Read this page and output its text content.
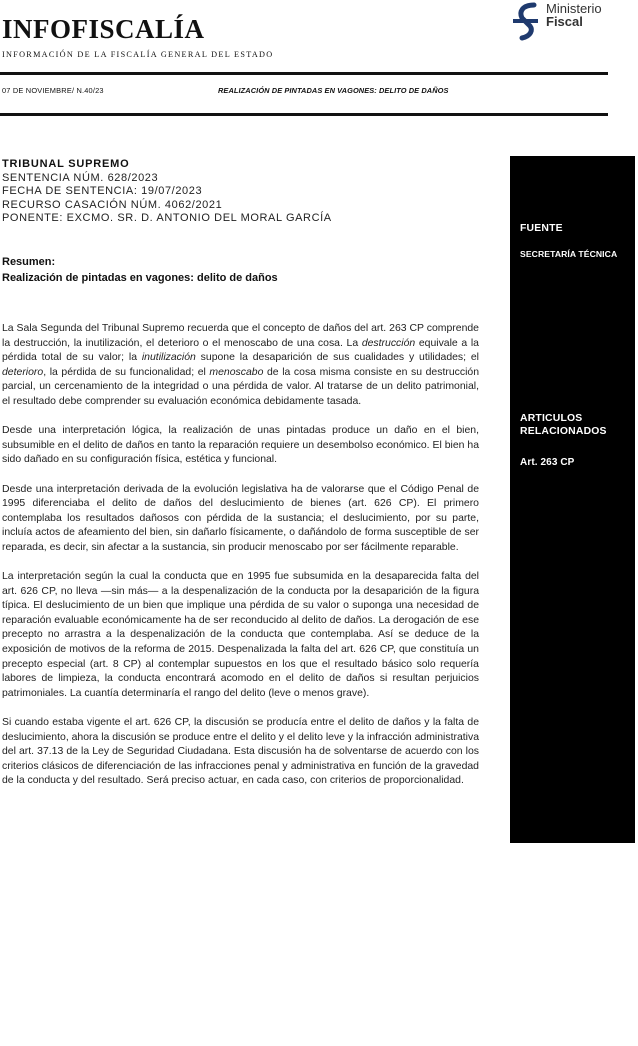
INFOFISCALÍA
INFORMACIÓN DE LA FISCALÍA GENERAL DEL ESTADO
Ministerio
Fiscal
07 DE NOVIEMBRE/ N.40/23	REALIZACIÓN DE PINTADAS EN VAGONES: DELITO DE DAÑOS
TRIBUNAL SUPREMO
SENTENCIA NÚM. 628/2023
FECHA DE SENTENCIA: 19/07/2023
RECURSO CASACIÓN NÚM. 4062/2021
PONENTE: EXCMO. SR. D. ANTONIO DEL MORAL GARCÍA
Resumen:
Realización de pintadas en vagones: delito de daños

La Sala Segunda del Tribunal Supremo recuerda que el concepto de daños del art. 263 CP comprende la destrucción, la inutilización, el deterioro o el menoscabo de una cosa. La destrucción equivale a la pérdida total de su valor; la inutilización supone la desaparición de sus cualidades y utilidades; el deterioro, la pérdida de su funcionalidad; el menoscabo de la cosa misma consiste en su destrucción parcial, un cercenamiento de la integridad o una pérdida de valor. Al tratarse de un delito patrimonial, el resultado debe comprender su evaluación económica debidamente tasada.

Desde una interpretación lógica, la realización de unas pintadas produce un daño en el bien, subsumible en el delito de daños en tanto la reparación requiere un desembolso económico. El bien ha sido dañado en su configuración física, estética y funcional.

Desde una interpretación derivada de la evolución legislativa ha de valorarse que el Código Penal de 1995 diferenciaba el delito de daños del deslucimiento de bienes (art. 626 CP). El primero contemplaba los resultados dañosos con pérdida de la sustancia; el deslucimiento, por su parte, incluía actos de afeamiento del bien, sin dañarlo físicamente, o dañándolo de forma susceptible de ser reparada, es decir, sin afectar a la sustancia, sin producir menoscabo por ser fácilmente reparable.

La interpretación según la cual la conducta que en 1995 fue subsumida en la desaparecida falta del art. 626 CP, no lleva —sin más— a la despenalización de la conducta por la desaparición de la figura típica. El deslucimiento de un bien que implique una pérdida de su valor o suponga una necesidad de reparación evaluable económicamente ha de ser reconducido al delito de daños. La derogación de ese precepto no arrastra a la despenalización de la conducta que contemplaba. Así se deduce de la exposición de motivos de la reforma de 2015. Despenalizada la falta del art. 626 CP, que constituía un precepto especial (art. 8 CP) al contemplar supuestos en los que el resultado básico solo requería labores de limpieza, la conducta encontrará acomodo en el delito de daños si resultan perjuicios patrimoniales. La cuantía determinaría el rango del delito (leve o menos grave).

Si cuando estaba vigente el art. 626 CP, la discusión se producía entre el delito de daños y la falta de deslucimiento, ahora la discusión se produce entre el delito y el delito leve y la infracción administrativa del art. 37.13 de la Ley de Seguridad Ciudadana. Esta discusión ha de solventarse de acuerdo con los criterios clásicos de diferenciación de las infracciones penal y administrativa en función de la gravedad de la conducta y del resultado. Será preciso actuar, en cada caso, con criterios de proporcionalidad.

FUENTE
SECRETARÍA TÉCNICA
ARTICULOS
RELACIONADOS
Art. 263 CP
